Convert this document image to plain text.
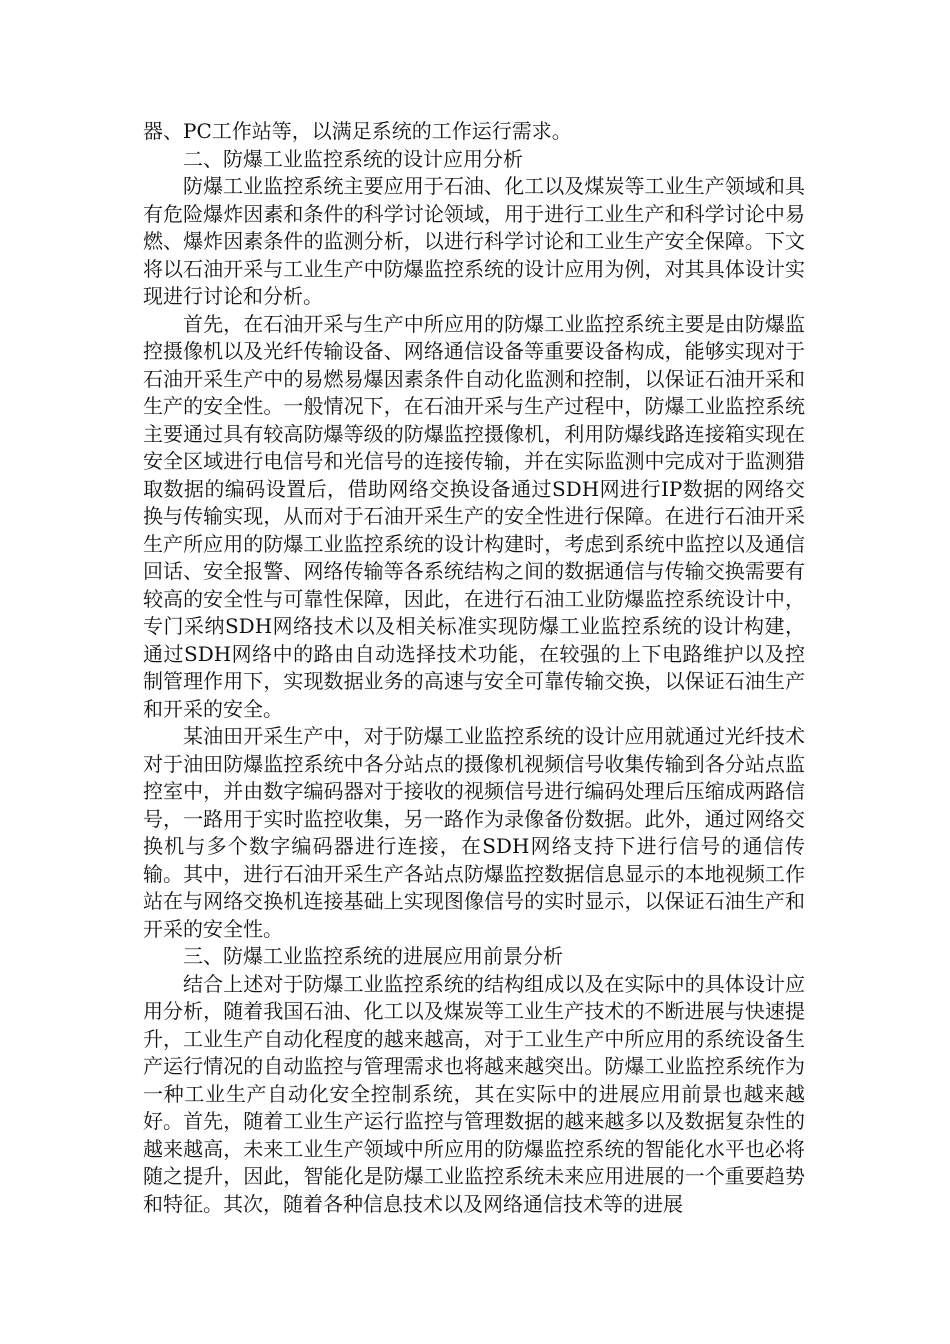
器、PC工作站等，以满足系统的工作运行需求。

二、防爆工业监控系统的设计应用分析

防爆工业监控系统主要应用于石油、化工以及煤炭等工业生产领域和具有危险爆炸因素和条件的科学讨论领域，用于进行工业生产和科学讨论中易燃、爆炸因素条件的监测分析，以进行科学讨论和工业生产安全保障。下文将以石油开采与工业生产中防爆监控系统的设计应用为例，对其具体设计实现进行讨论和分析。

首先，在石油开采与生产中所应用的防爆工业监控系统主要是由防爆监控摄像机以及光纤传输设备、网络通信设备等重要设备构成，能够实现对于石油开采生产中的易燃易爆因素条件自动化监测和控制，以保证石油开采和生产的安全性。一般情况下，在石油开采与生产过程中，防爆工业监控系统主要通过具有较高防爆等级的防爆监控摄像机，利用防爆线路连接箱实现在安全区域进行电信号和光信号的连接传输，并在实际监测中完成对于监测猎取数据的编码设置后，借助网络交换设备通过SDH网进行IP数据的网络交换与传输实现，从而对于石油开采生产的安全性进行保障。在进行石油开采生产所应用的防爆工业监控系统的设计构建时，考虑到系统中监控以及通信回话、安全报警、网络传输等各系统结构之间的数据通信与传输交换需要有较高的安全性与可靠性保障，因此，在进行石油工业防爆监控系统设计中，专门采纳SDH网络技术以及相关标准实现防爆工业监控系统的设计构建，通过SDH网络中的路由自动选择技术功能，在较强的上下电路维护以及控制管理作用下，实现数据业务的高速与安全可靠传输交换，以保证石油生产和开采的安全。

某油田开采生产中，对于防爆工业监控系统的设计应用就通过光纤技术对于油田防爆监控系统中各分站点的摄像机视频信号收集传输到各分站点监控室中，并由数字编码器对于接收的视频信号进行编码处理后压缩成两路信号，一路用于实时监控收集，另一路作为录像备份数据。此外，通过网络交换机与多个数字编码器进行连接，在SDH网络支持下进行信号的通信传输。其中，进行石油开采生产各站点防爆监控数据信息显示的本地视频工作站在与网络交换机连接基础上实现图像信号的实时显示，以保证石油生产和开采的安全性。

三、防爆工业监控系统的进展应用前景分析

结合上述对于防爆工业监控系统的结构组成以及在实际中的具体设计应用分析，随着我国石油、化工以及煤炭等工业生产技术的不断进展与快速提升，工业生产自动化程度的越来越高，对于工业生产中所应用的系统设备生产运行情况的自动监控与管理需求也将越来越突出。防爆工业监控系统作为一种工业生产自动化安全控制系统，其在实际中的进展应用前景也越来越好。首先，随着工业生产运行监控与管理数据的越来越多以及数据复杂性的越来越高，未来工业生产领域中所应用的防爆监控系统的智能化水平也必将随之提升，因此，智能化是防爆工业监控系统未来应用进展的一个重要趋势和特征。其次，随着各种信息技术以及网络通信技术等的进展
